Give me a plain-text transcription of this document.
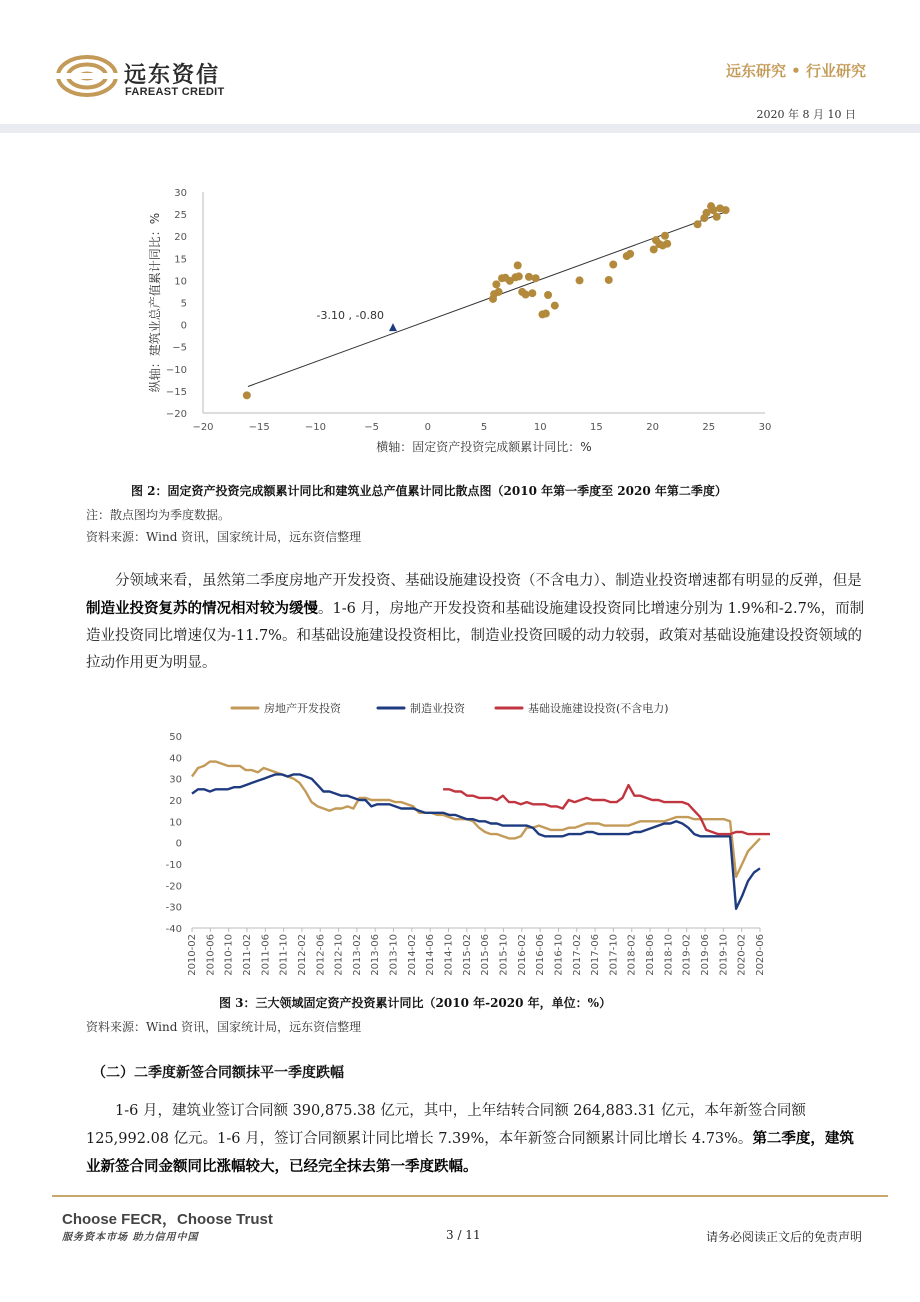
远东资信
FAREAST CREDIT
远东研究 • 行业研究
2020 年 8 月 10 日
30
25
20
15
10
5
0
−5
−10
−15
−20
−20	−15	−10	−5	0	5	10	15	20	25	30
-3.10 , -0.80
横轴：固定资产投资完成额累计同比：%
纵轴：建筑业总产值累计同比：%
图 2：固定资产投资完成额累计同比和建筑业总产值累计同比散点图（2010 年第一季度至 2020 年第二季度）
注：散点图均为季度数据。
资料来源：Wind 资讯，国家统计局，远东资信整理

分领域来看，虽然第二季度房地产开发投资、基础设施建设投资（不含电力）、制造业投资增速都有明显的反弹，但是制造业投资复苏的情况相对较为缓慢。1-6 月，房地产开发投资和基础设施建设投资同比增速分别为 1.9%和-2.7%，而制造业投资同比增速仅为-11.7%。和基础设施建设投资相比，制造业投资回暖的动力较弱，政策对基础设施建设投资领域的拉动作用更为明显。

房地产开发投资	制造业投资	基础设施建设投资(不含电力)
50
40
30
20
10
0
-10
-20
-30
-40
2010-02 2010-06 2010-10 2011-02 2011-06 2011-10 2012-02 2012-06 2012-10 2013-02 2013-06 2013-10 2014-02 2014-06 2014-10 2015-02 2015-06 2015-10 2016-02 2016-06 2016-10 2017-02 2017-06 2017-10 2018-02 2018-06 2018-10 2019-02 2019-06 2019-10 2020-02 2020-06
图 3：三大领域固定资产投资累计同比（2010 年-2020 年，单位：%）
资料来源：Wind 资讯，国家统计局，远东资信整理
（二）二季度新签合同额抹平一季度跌幅

1-6 月，建筑业签订合同额 390,875.38 亿元，其中，上年结转合同额 264,883.31 亿元，本年新签合同额 125,992.08 亿元。1-6 月，签订合同额累计同比增长 7.39%，本年新签合同额累计同比增长 4.73%。第二季度，建筑业新签合同金额同比涨幅较大，已经完全抹去第一季度跌幅。

Choose FECR，Choose Trust
服务资本市场 助力信用中国	3 / 11	请务必阅读正文后的免责声明
